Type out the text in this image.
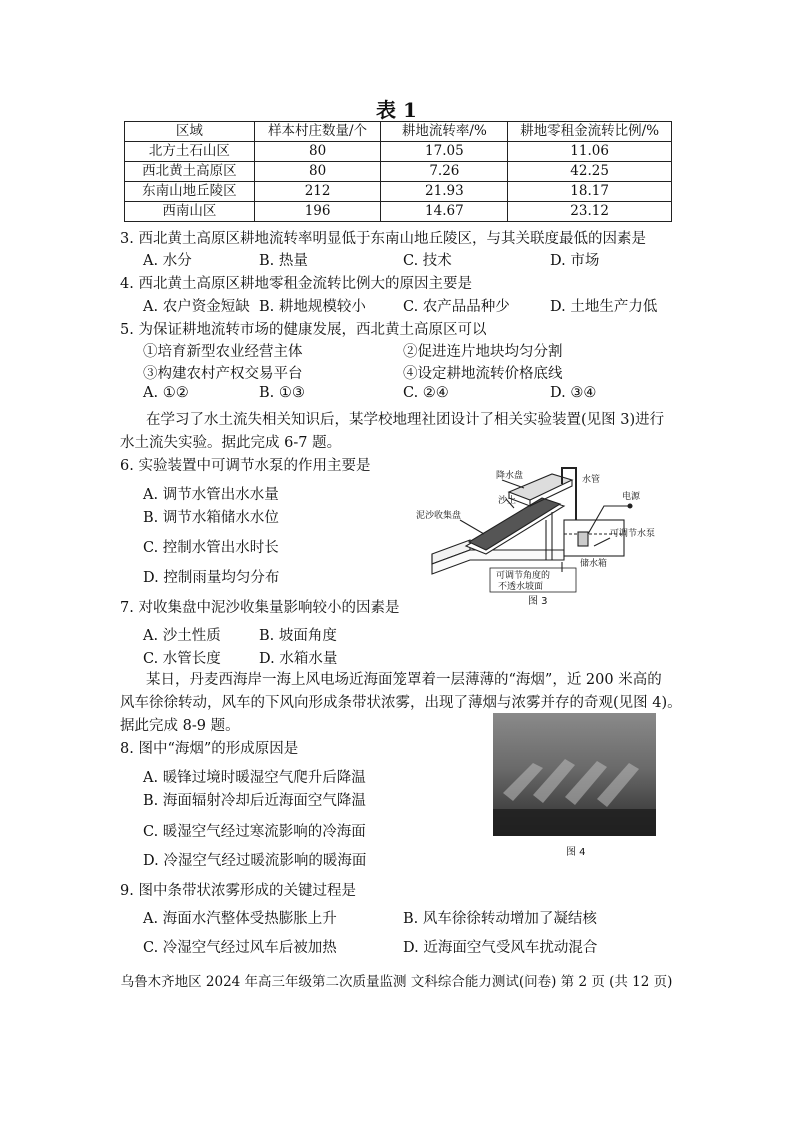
表 1
区域	样本村庄数量/个	耕地流转率/%	耕地零租金流转比例/%
北方土石山区	80	17.05	11.06
西北黄土高原区	80	7.26	42.25
东南山地丘陵区	212	21.93	18.17
西南山区	196	14.67	23.12
3. 西北黄土高原区耕地流转率明显低于东南山地丘陵区，与其关联度最低的因素是
A. 水分	B. 热量	C. 技术	D. 市场
4. 西北黄土高原区耕地零租金流转比例大的原因主要是
A. 农户资金短缺 B. 耕地规模较小	C. 农产品品种少	D. 土地生产力低
5. 为保证耕地流转市场的健康发展，西北黄土高原区可以
①培育新型农业经营主体	②促进连片地块均匀分割
③构建农村产权交易平台	④设定耕地流转价格底线
A. ①②	B. ①③	C. ②④	D. ③④
在学习了水土流失相关知识后，某学校地理社团设计了相关实验装置(见图 3)进行
水土流失实验。据此完成 6-7 题。
6. 实验装置中可调节水泵的作用主要是
A. 调节水管出水水量
B. 调节水箱储水水位
C. 控制水管出水时长
D. 控制雨量均匀分布
降水盘	水管
沙土	电源
泥沙收集盘
可调节水泵
储水箱
可调节角度的
不透水坡面
图 3
7. 对收集盘中泥沙收集量影响较小的因素是
A. 沙土性质	B. 坡面角度
C. 水管长度	D. 水箱水量
某日，丹麦西海岸一海上风电场近海面笼罩着一层薄薄的“海烟”，近 200 米高的
风车徐徐转动，风车的下风向形成条带状浓雾，出现了薄烟与浓雾并存的奇观(见图 4)。
据此完成 8-9 题。
图 4
8. 图中“海烟”的形成原因是
A. 暖锋过境时暖湿空气爬升后降温
B. 海面辐射冷却后近海面空气降温
C. 暖湿空气经过寒流影响的冷海面
D. 冷湿空气经过暖流影响的暖海面
9. 图中条带状浓雾形成的关键过程是
A. 海面水汽整体受热膨胀上升	B. 风车徐徐转动增加了凝结核
C. 冷湿空气经过风车后被加热	D. 近海面空气受风车扰动混合
乌鲁木齐地区 2024 年高三年级第二次质量监测 文科综合能力测试(问卷) 第 2 页 (共 12 页)
